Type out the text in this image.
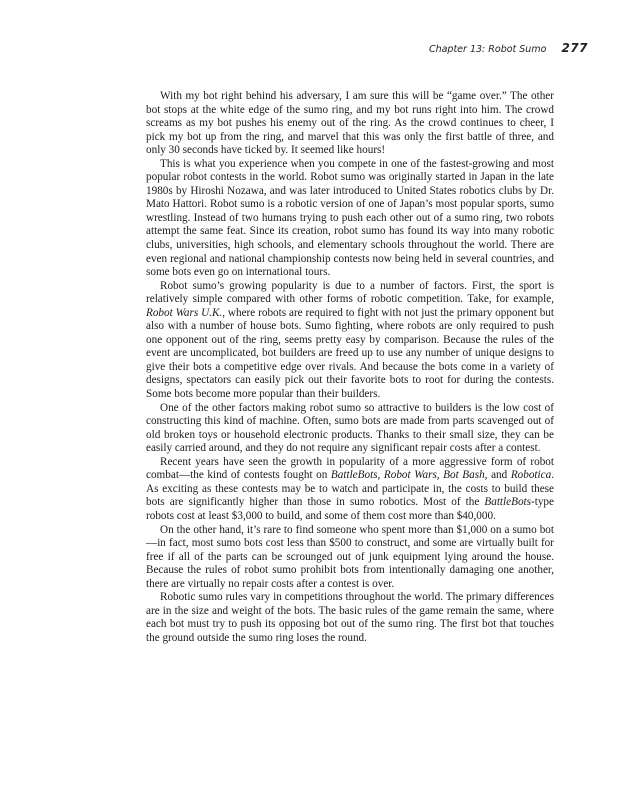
Chapter 13: Robot Sumo 277

With my bot right behind his adversary, I am sure this will be “game over.” The other bot stops at the white edge of the sumo ring, and my bot runs right into him. The crowd screams as my bot pushes his enemy out of the ring. As the crowd continues to cheer, I pick my bot up from the ring, and marvel that this was only the first battle of three, and only 30 seconds have ticked by. It seemed like hours!

This is what you experience when you compete in one of the fastest-growing and most popular robot contests in the world. Robot sumo was originally started in Japan in the late 1980s by Hiroshi Nozawa, and was later introduced to United States robotics clubs by Dr. Mato Hattori. Robot sumo is a robotic version of one of Japan’s most popular sports, sumo wrestling. Instead of two humans trying to push each other out of a sumo ring, two robots attempt the same feat. Since its creation, robot sumo has found its way into many robotic clubs, universities, high schools, and elementary schools throughout the world. There are even regional and national championship contests now being held in several countries, and some bots even go on international tours.

Robot sumo’s growing popularity is due to a number of factors. First, the sport is relatively simple compared with other forms of robotic competition. Take, for example, Robot Wars U.K., where robots are required to fight with not just the primary opponent but also with a number of house bots. Sumo fighting, where robots are only required to push one opponent out of the ring, seems pretty easy by comparison. Because the rules of the event are uncomplicated, bot builders are freed up to use any number of unique designs to give their bots a competitive edge over rivals. And because the bots come in a variety of designs, spectators can easily pick out their favorite bots to root for during the contests. Some bots become more popular than their builders.

One of the other factors making robot sumo so attractive to builders is the low cost of constructing this kind of machine. Often, sumo bots are made from parts scavenged out of old broken toys or household electronic products. Thanks to their small size, they can be easily carried around, and they do not require any significant repair costs after a contest.

Recent years have seen the growth in popularity of a more aggressive form of robot combat—the kind of contests fought on BattleBots, Robot Wars, Bot Bash, and Robotica. As exciting as these contests may be to watch and participate in, the costs to build these bots are significantly higher than those in sumo robotics. Most of the BattleBots-type robots cost at least $3,000 to build, and some of them cost more than $40,000.

On the other hand, it’s rare to find someone who spent more than $1,000 on a sumo bot—in fact, most sumo bots cost less than $500 to construct, and some are virtually built for free if all of the parts can be scrounged out of junk equipment lying around the house. Because the rules of robot sumo prohibit bots from intentionally damaging one another, there are virtually no repair costs after a contest is over.

Robotic sumo rules vary in competitions throughout the world. The primary differences are in the size and weight of the bots. The basic rules of the game remain the same, where each bot must try to push its opposing bot out of the sumo ring. The first bot that touches the ground outside the sumo ring loses the round.
